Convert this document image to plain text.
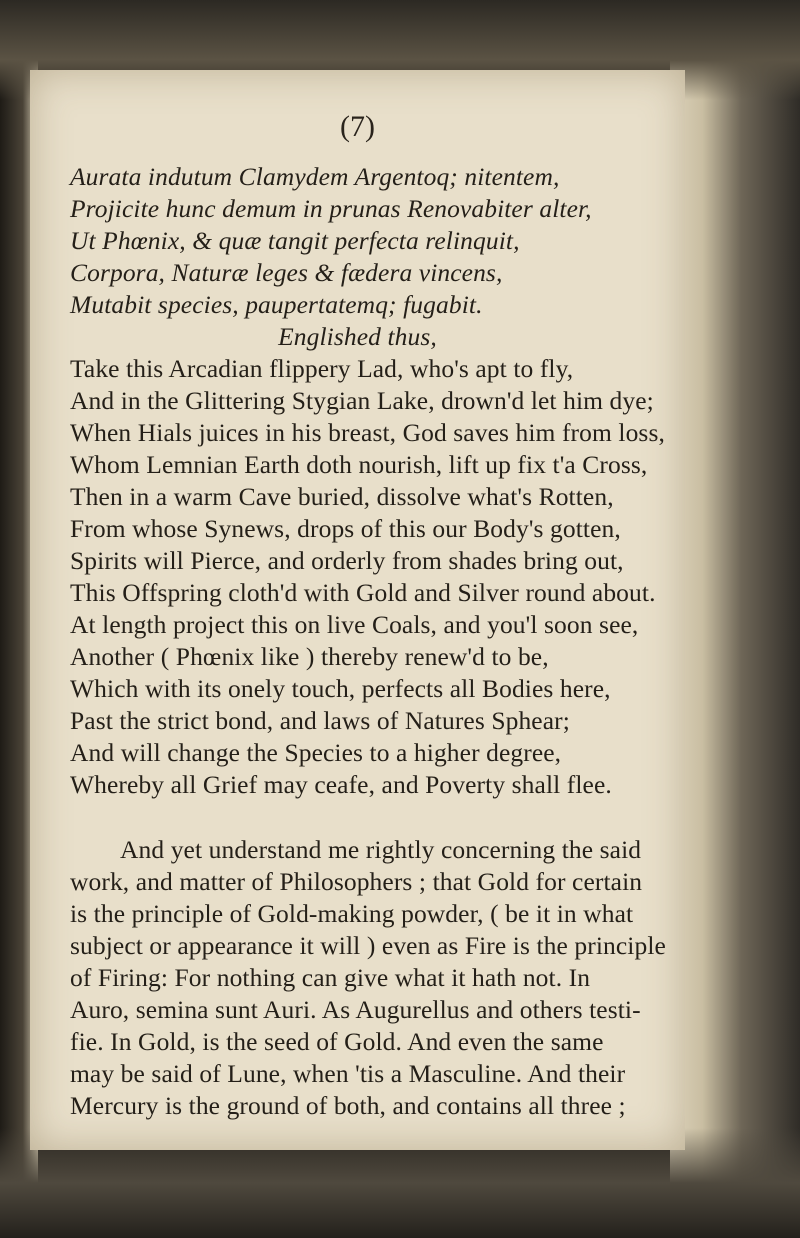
(7)
Aurata indutum Clamydem Argentoq; nitentem,
Projicite hunc demum in prunas Renovabiter alter,
Ut Phœnix, & quæ tangit perfecta relinquit,
Corpora, Naturæ leges & fædera vincens,
Mutabit species, paupertatemq; fugabit.
Englished thus,
Take this Arcadian flippery Lad, who's apt to fly,
And in the Glittering Stygian Lake, drown'd let him dye;
When Hials juices in his breast, God saves him from loss,
Whom Lemnian Earth doth nourish, lift up fix t'a Cross,
Then in a warm Cave buried, dissolve what's Rotten,
From whose Synews, drops of this our Body's gotten,
Spirits will Pierce, and orderly from shades bring out,
This Offspring cloth'd with Gold and Silver round about.
At length project this on live Coals, and you'l soon see,
Another ( Phœnix like ) thereby renew'd to be,
Which with its onely touch, perfects all Bodies here,
Past the strict bond, and laws of Natures Sphear;
And will change the Species to a higher degree,
Whereby all Grief may ceafe, and Poverty shall flee.
And yet understand me rightly concerning the said
work, and matter of Philosophers ; that Gold for certain
is the principle of Gold-making powder, ( be it in what
subject or appearance it will ) even as Fire is the principle
of Firing: For nothing can give what it hath not. In
Auro, semina sunt Auri. As Augurellus and others testi-
fie. In Gold, is the seed of Gold. And even the same
may be said of Lune, when 'tis a Masculine. And their
Mercury is the ground of both, and contains all three ;
